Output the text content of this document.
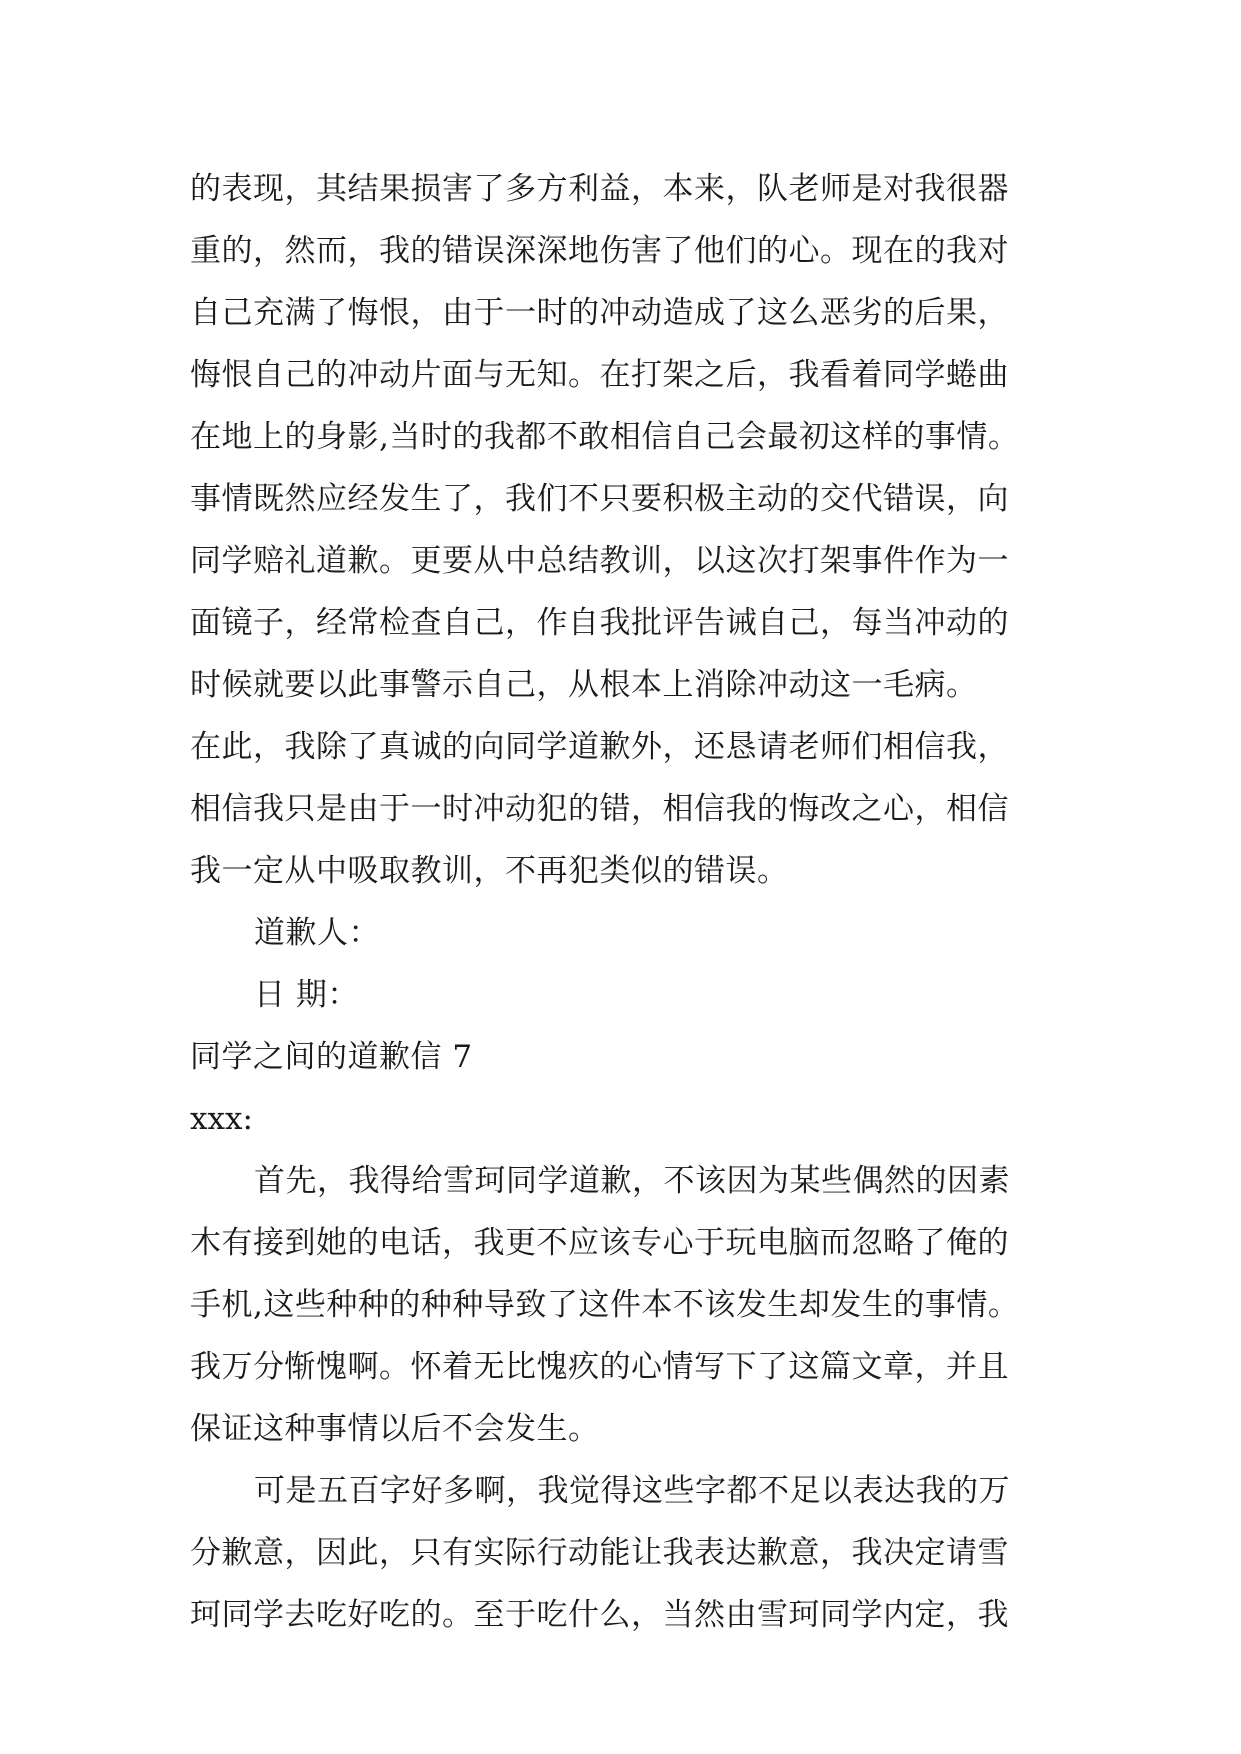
的表现，其结果损害了多方利益，本来，队老师是对我很器
重的，然而，我的错误深深地伤害了他们的心。现在的我对
自己充满了悔恨，由于一时的冲动造成了这么恶劣的后果，
悔恨自己的冲动片面与无知。在打架之后，我看着同学蜷曲
在地上的身影,当时的我都不敢相信自己会最初这样的事情。
事情既然应经发生了，我们不只要积极主动的交代错误，向
同学赔礼道歉。更要从中总结教训，以这次打架事件作为一
面镜子，经常检查自己，作自我批评告诫自己，每当冲动的
时候就要以此事警示自己，从根本上消除冲动这一毛病。
在此，我除了真诚的向同学道歉外，还恳请老师们相信我，
相信我只是由于一时冲动犯的错，相信我的悔改之心，相信
我一定从中吸取教训，不再犯类似的错误。
道歉人：
日 期：
同学之间的道歉信 7
xxx:
首先，我得给雪珂同学道歉，不该因为某些偶然的因素
木有接到她的电话，我更不应该专心于玩电脑而忽略了俺的
手机,这些种种的种种导致了这件本不该发生却发生的事情。
我万分惭愧啊。怀着无比愧疚的心情写下了这篇文章，并且
保证这种事情以后不会发生。
可是五百字好多啊，我觉得这些字都不足以表达我的万
分歉意，因此，只有实际行动能让我表达歉意，我决定请雪
珂同学去吃好吃的。至于吃什么，当然由雪珂同学内定，我
